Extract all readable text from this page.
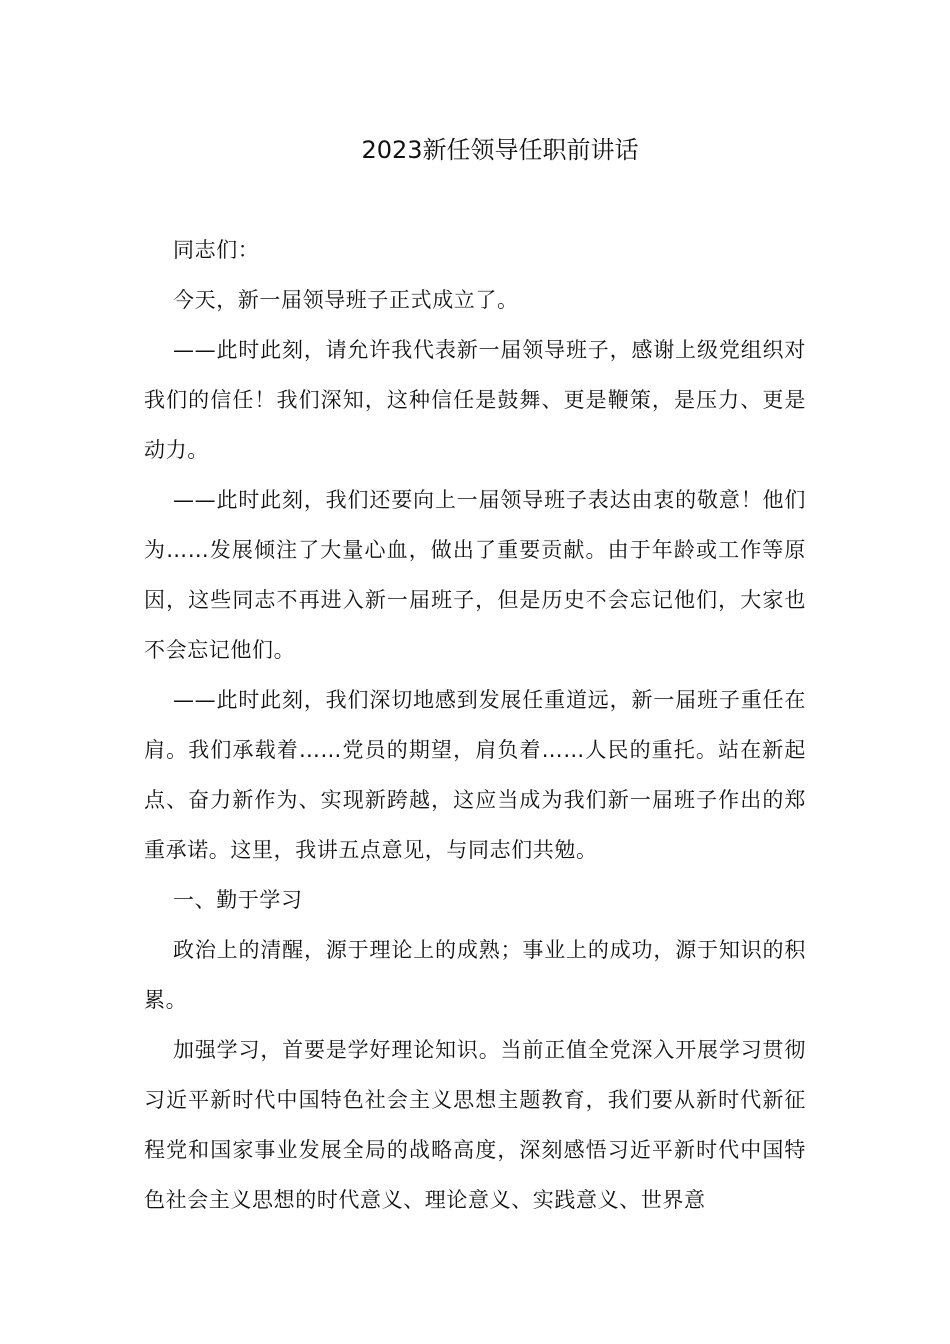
2023新任领导任职前讲话

同志们：

今天，新一届领导班子正式成立了。

——此时此刻，请允许我代表新一届领导班子，感谢上级党组织对我们的信任！我们深知，这种信任是鼓舞、更是鞭策，是压力、更是动力。

——此时此刻，我们还要向上一届领导班子表达由衷的敬意！他们为……发展倾注了大量心血，做出了重要贡献。由于年龄或工作等原因，这些同志不再进入新一届班子，但是历史不会忘记他们，大家也不会忘记他们。

——此时此刻，我们深切地感到发展任重道远，新一届班子重任在肩。我们承载着……党员的期望，肩负着……人民的重托。站在新起点、奋力新作为、实现新跨越，这应当成为我们新一届班子作出的郑重承诺。这里，我讲五点意见，与同志们共勉。

一、勤于学习

政治上的清醒，源于理论上的成熟；事业上的成功，源于知识的积累。

加强学习，首要是学好理论知识。当前正值全党深入开展学习贯彻习近平新时代中国特色社会主义思想主题教育，我们要从新时代新征程党和国家事业发展全局的战略高度，深刻感悟习近平新时代中国特色社会主义思想的时代意义、理论意义、实践意义、世界意
